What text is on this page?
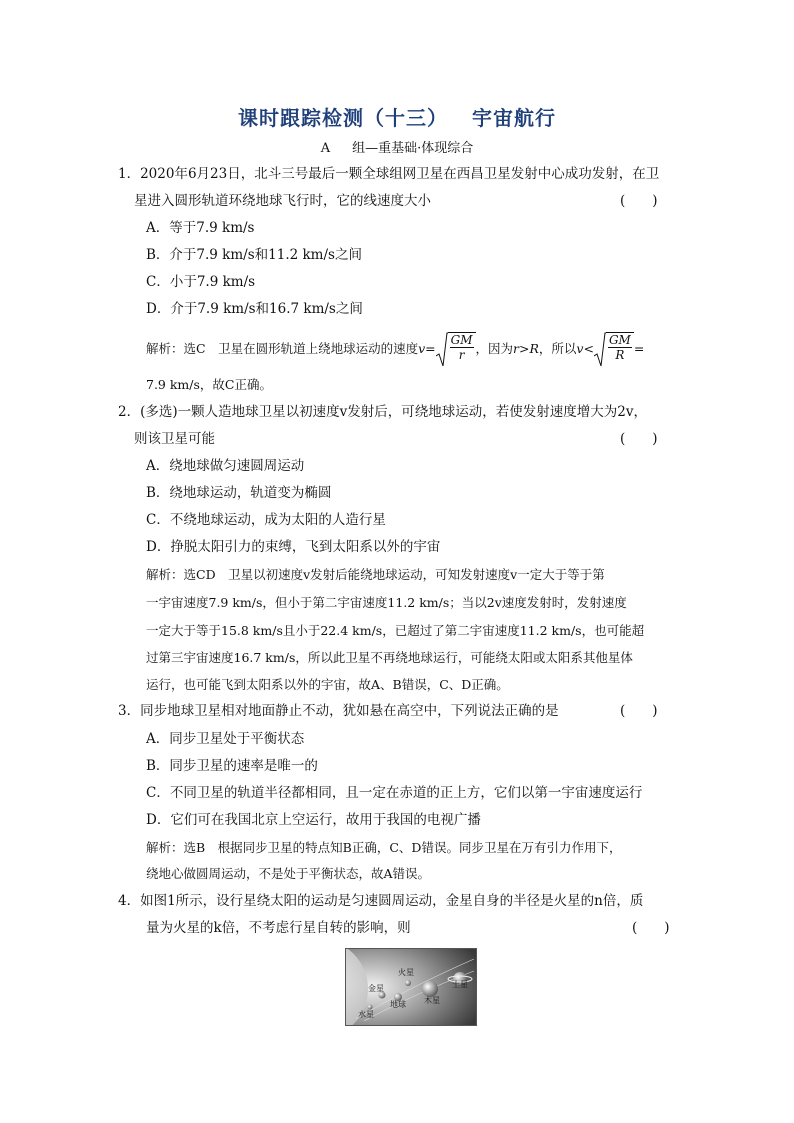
课时跟踪检测（十三） 宇宙航行
A 组—重基础·体现综合
1．2020年6月23日，北斗三号最后一颗全球组网卫星在西昌卫星发射中心成功发射，在卫
星进入圆形轨道环绕地球飞行时，它的线速度大小	(　　)
A．等于7.9 km/s
B．介于7.9 km/s和11.2 km/s之间
C．小于7.9 km/s
D．介于7.9 km/s和16.7 km/s之间
解析：选C　卫星在圆形轨道上绕地球运动的速度$v= \frac{GM}{r}$ ，因为r>R，所以$v< \frac{GM}{R}$ =
7.9 km/s，故C正确。
2．(多选)一颗人造地球卫星以初速度v发射后，可绕地球运动，若使发射速度增大为2v，
则该卫星可能	(　　)
A．绕地球做匀速圆周运动
B．绕地球运动，轨道变为椭圆
C．不绕地球运动，成为太阳的人造行星
D．挣脱太阳引力的束缚，飞到太阳系以外的宇宙
解析：选CD　卫星以初速度v发射后能绕地球运动，可知发射速度v一定大于等于第
一宇宙速度7.9 km/s，但小于第二宇宙速度11.2 km/s；当以2v速度发射时，发射速度
一定大于等于15.8 km/s且小于22.4 km/s，已超过了第二宇宙速度11.2 km/s，也可能超
过第三宇宙速度16.7 km/s，所以此卫星不再绕地球运行，可能绕太阳或太阳系其他星体
运行，也可能飞到太阳系以外的宇宙，故A、B错误，C、D正确。
3．同步地球卫星相对地面静止不动，犹如悬在高空中，下列说法正确的是	(　　)
A．同步卫星处于平衡状态
B．同步卫星的速率是唯一的
C．不同卫星的轨道半径都相同，且一定在赤道的正上方，它们以第一宇宙速度运行
D．它们可在我国北京上空运行，故用于我国的电视广播
解析：选B　根据同步卫星的特点知B正确，C、D错误。同步卫星在万有引力作用下，
绕地心做圆周运动，不是处于平衡状态，故A错误。
4．如图1所示，设行星绕太阳的运动是匀速圆周运动，金星自身的半径是火星的n倍，质
量为火星的k倍，不考虑行星自转的影响，则	(　　)
火星
金星
地球 木星
土星
水星
